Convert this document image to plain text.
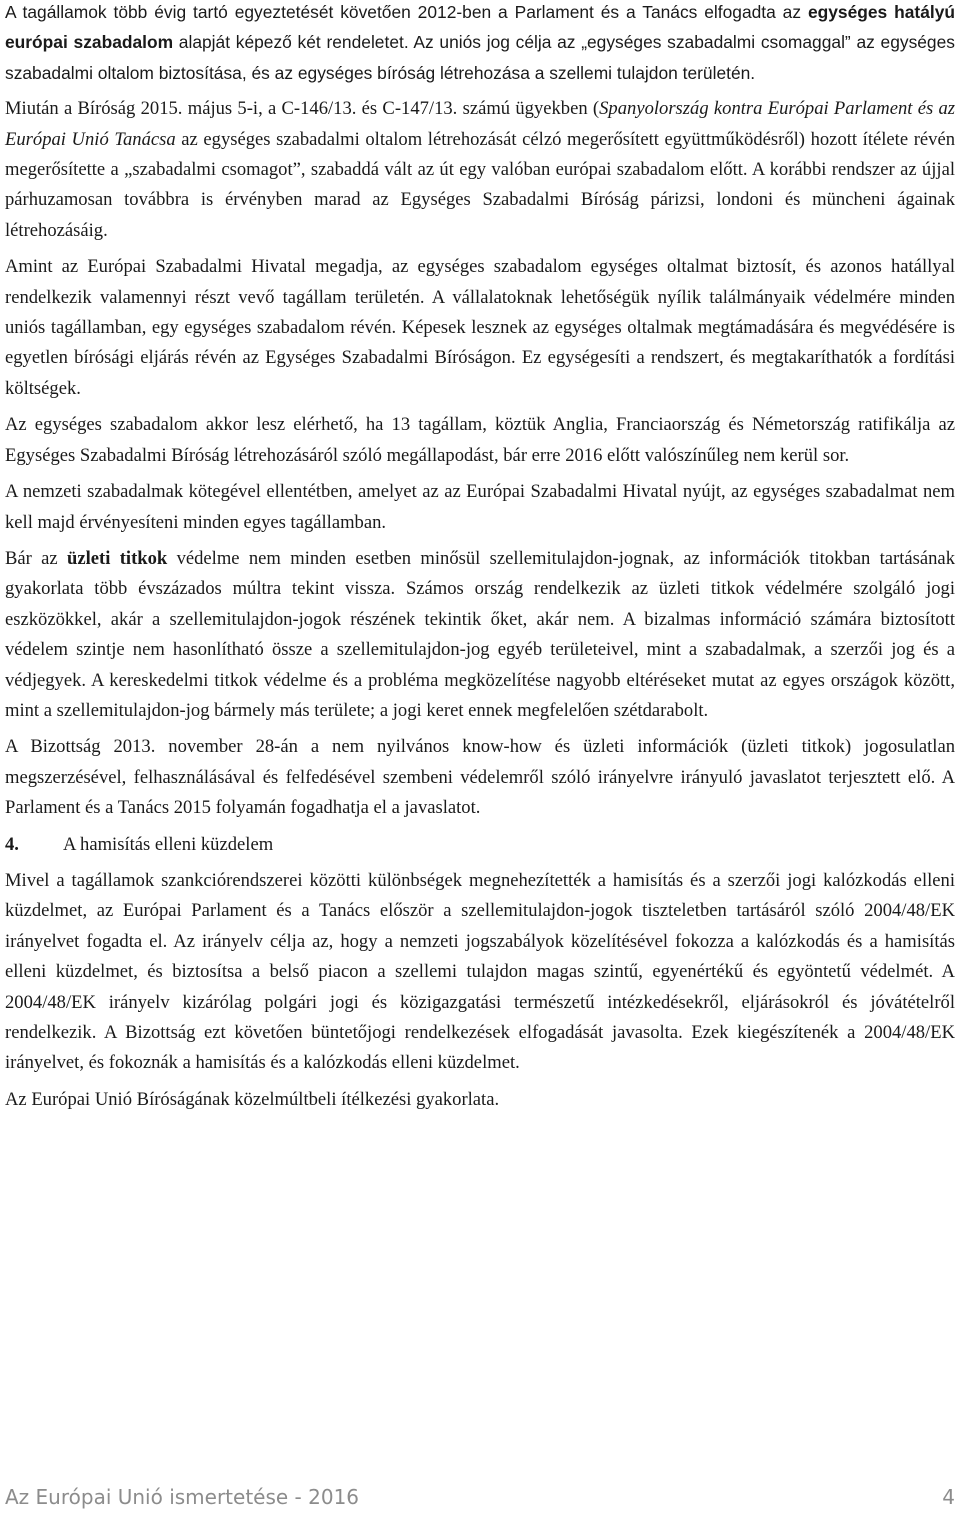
A tagállamok több évig tartó egyeztetését követően 2012-ben a Parlament és a Tanács elfogadta az egységes hatályú európai szabadalom alapját képező két rendeletet. Az uniós jog célja az „egységes szabadalmi csomaggal” az egységes szabadalmi oltalom biztosítása, és az egységes bíróság létrehozása a szellemi tulajdon területén.

Miután a Bíróság 2015. május 5-i, a C-146/13. és C-147/13. számú ügyekben (Spanyolország kontra Európai Parlament és az Európai Unió Tanácsa az egységes szabadalmi oltalom létrehozását célzó megerősített együttműködésről) hozott ítélete révén megerősítette a „szabadalmi csomagot”, szabaddá vált az út egy valóban európai szabadalom előtt. A korábbi rendszer az újjal párhuzamosan továbbra is érvényben marad az Egységes Szabadalmi Bíróság párizsi, londoni és müncheni ágainak létrehozásáig.

Amint az Európai Szabadalmi Hivatal megadja, az egységes szabadalom egységes oltalmat biztosít, és azonos hatállyal rendelkezik valamennyi részt vevő tagállam területén. A vállalatoknak lehetőségük nyílik találmányaik védelmére minden uniós tagállamban, egy egységes szabadalom révén. Képesek lesznek az egységes oltalmak megtámadására és megvédésére is egyetlen bírósági eljárás révén az Egységes Szabadalmi Bíróságon. Ez egységesíti a rendszert, és megtakaríthatók a fordítási költségek.

Az egységes szabadalom akkor lesz elérhető, ha 13 tagállam, köztük Anglia, Franciaország és Németország ratifikálja az Egységes Szabadalmi Bíróság létrehozásáról szóló megállapodást, bár erre 2016 előtt valószínűleg nem kerül sor.

A nemzeti szabadalmak kötegével ellentétben, amelyet az az Európai Szabadalmi Hivatal nyújt, az egységes szabadalmat nem kell majd érvényesíteni minden egyes tagállamban.

Bár az üzleti titkok védelme nem minden esetben minősül szellemitulajdon-jognak, az információk titokban tartásának gyakorlata több évszázados múltra tekint vissza. Számos ország rendelkezik az üzleti titkok védelmére szolgáló jogi eszközökkel, akár a szellemitulajdon-jogok részének tekintik őket, akár nem. A bizalmas információ számára biztosított védelem szintje nem hasonlítható össze a szellemitulajdon-jog egyéb területeivel, mint a szabadalmak, a szerzői jog és a védjegyek. A kereskedelmi titkok védelme és a probléma megközelítése nagyobb eltéréseket mutat az egyes országok között, mint a szellemitulajdon-jog bármely más területe; a jogi keret ennek megfelelően szétdarabolt.

A Bizottság 2013. november 28-án a nem nyilvános know-how és üzleti információk (üzleti titkok) jogosulatlan megszerzésével, felhasználásával és felfedésével szembeni védelemről szóló irányelvre irányuló javaslatot terjesztett elő. A Parlament és a Tanács 2015 folyamán fogadhatja el a javaslatot.

4. A hamisítás elleni küzdelem

Mivel a tagállamok szankciórendszerei közötti különbségek megnehezítették a hamisítás és a szerzői jogi kalózkodás elleni küzdelmet, az Európai Parlament és a Tanács először a szellemitulajdon-jogok tiszteletben tartásáról szóló 2004/48/EK irányelvet fogadta el. Az irányelv célja az, hogy a nemzeti jogszabályok közelítésével fokozza a kalózkodás és a hamisítás elleni küzdelmet, és biztosítsa a belső piacon a szellemi tulajdon magas szintű, egyenértékű és egyöntetű védelmét. A 2004/48/EK irányelv kizárólag polgári jogi és közigazgatási természetű intézkedésekről, eljárásokról és jóvátételről rendelkezik. A Bizottság ezt követően büntetőjogi rendelkezések elfogadását javasolta. Ezek kiegészítenék a 2004/48/EK irányelvet, és fokoznák a hamisítás és a kalózkodás elleni küzdelmet.

Az Európai Unió Bíróságának közelmúltbeli ítélkezési gyakorlata.

Az Európai Unió ismertetése - 2016	4
